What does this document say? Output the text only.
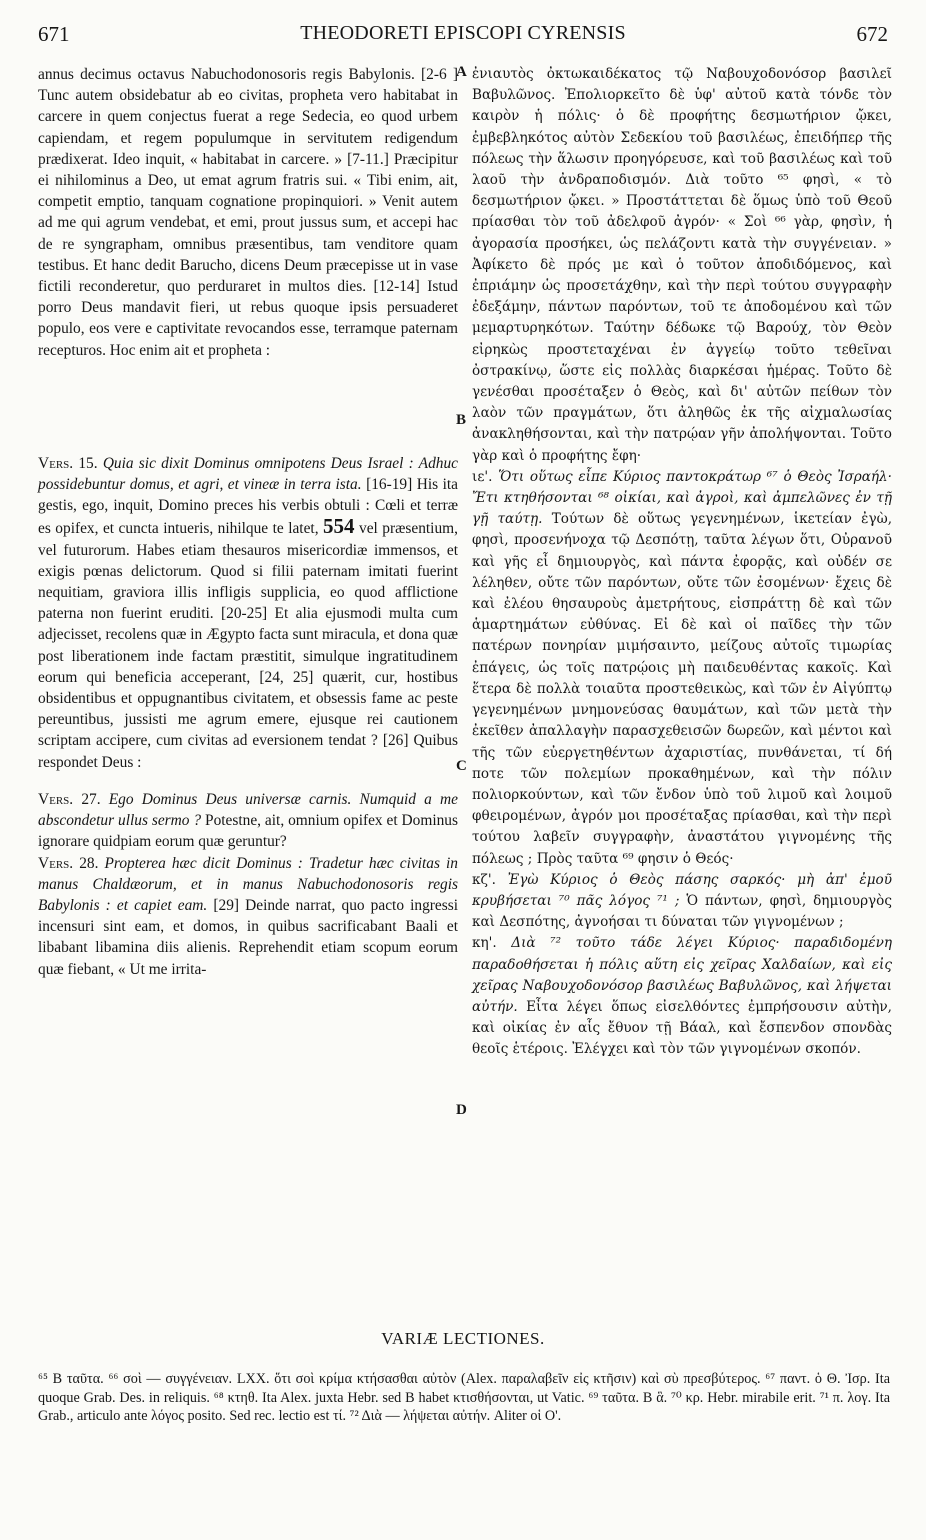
671	THEODORETI EPISCOPI CYRENSIS	672

annus decimus octavus Nabuchodonosoris regis Babylonis. [2-6 ] Tunc autem obsidebatur ab eo civitas, propheta vero habitabat in carcere in quem conjectus fuerat a rege Sedecia, eo quod urbem capiendam, et regem populumque in servitutem redigendum prædixerat. Ideo inquit, « habitabat in carcere. » [7-11.] Præcipitur ei nihilominus a Deo, ut emat agrum fratris sui. « Tibi enim, ait, competit emptio, tanquam cognatione propinquiori. » Venit autem ad me qui agrum vendebat, et emi, prout jussus sum, et accepi hac de re syngrapham, omnibus præsentibus, tam venditore quam testibus. Et hanc dedit Barucho, dicens Deum præcepisse ut in vase fictili reconderetur, quo perduraret in multos dies. [12-14] Istud porro Deus mandavit fieri, ut rebus quoque ipsis persuaderet populo, eos vere e captivitate revocandos esse, terramque paternam recepturos. Hoc enim ait et propheta :

Vers. 15. Quia sic dixit Dominus omnipotens Deus Israel : Adhuc possidebuntur domus, et agri, et vineæ in terra ista. [16-19] His ita gestis, ego, inquit, Domino preces his verbis obtuli : Cœli et terræ es opifex, et cuncta intueris, nihilque te latet, 554 vel præsentium, vel futurorum. Habes etiam thesauros misericordiæ immensos, et exigis pœnas delictorum. Quod si filii paternam imitati fuerint nequitiam, graviora illis infligis supplicia, eo quod afflictione paterna non fuerint eruditi. [20-25] Et alia ejusmodi multa cum adjecisset, recolens quæ in Ægypto facta sunt miracula, et dona quæ post liberationem inde factam præstitit, simulque ingratitudinem eorum qui beneficia acceperant, [24, 25] quærit, cur, hostibus obsidentibus et oppugnantibus civitatem, et obsessis fame ac peste pereuntibus, jussisti me agrum emere, ejusque rei cautionem scriptam accipere, cum civitas ad eversionem tendat ? [26] Quibus respondet Deus :

Vers. 27. Ego Dominus Deus universæ carnis. Numquid a me abscondetur ullus sermo ? Potestne, ait, omnium opifex et Dominus ignorare quidpiam eorum quæ geruntur?

Vers. 28. Propterea hæc dicit Dominus : Tradetur hæc civitas in manus Chaldæorum, et in manus Nabuchodonosoris regis Babylonis : et capiet eam. [29] Deinde narrat, quo pacto ingressi incensuri sint eam, et domos, in quibus sacrificabant Baali et libabant libamina diis alienis. Reprehendit etiam scopum eorum quæ fiebant, « Ut me irrita-

A
B
C
D

ἐνιαυτὸς ὀκτωκαιδέκατος τῷ Ναβουχοδονόσορ βασιλεῖ Βαβυλῶνος. Ἐπολιορκεῖτο δὲ ὑφ' αὐτοῦ κατὰ τόνδε τὸν καιρὸν ἡ πόλις· ὁ δὲ προφήτης δεσμωτήριον ᾤκει, ἐμβεβληκότος αὐτὸν Σεδεκίου τοῦ βασιλέως, ἐπειδήπερ τῆς πόλεως τὴν ἅλωσιν προηγόρευσε, καὶ τοῦ βασιλέως καὶ τοῦ λαοῦ τὴν ἀνδραποδισμόν. Διὰ τοῦτο ⁶⁵ φησὶ, « τὸ δεσμωτήριον ᾤκει. » Προστάττεται δὲ ὅμως ὑπὸ τοῦ Θεοῦ πρίασθαι τὸν τοῦ ἀδελφοῦ ἀγρόν· « Σοὶ ⁶⁶ γὰρ, φησὶν, ἡ ἀγορασία προσήκει, ὡς πελάζοντι κατὰ τὴν συγγένειαν. » Ἀφίκετο δὲ πρός με καὶ ὁ τοῦτον ἀποδιδόμενος, καὶ ἐπριάμην ὡς προσετάχθην, καὶ τὴν περὶ τούτου συγγραφὴν ἐδεξάμην, πάντων παρόντων, τοῦ τε ἀποδομένου καὶ τῶν μεμαρτυρηκότων. Ταύτην δέδωκε τῷ Βαρούχ, τὸν Θεὸν εἰρηκὼς προστεταχέναι ἐν ἀγγείῳ τοῦτο τεθεῖναι ὀστρακίνῳ, ὥστε εἰς πολλὰς διαρκέσαι ἡμέρας. Τοῦτο δὲ γενέσθαι προσέταξεν ὁ Θεὸς, καὶ δι' αὐτῶν πείθων τὸν λαὸν τῶν πραγμάτων, ὅτι ἀληθῶς ἐκ τῆς αἰχμαλωσίας ἀνακληθήσονται, καὶ τὴν πατρῴαν γῆν ἀπολήψονται. Τοῦτο γὰρ καὶ ὁ προφήτης ἔφη·

ιε'. Ὅτι οὕτως εἶπε Κύριος παντοκράτωρ ⁶⁷ ὁ Θεὸς Ἰσραήλ· Ἔτι κτηθήσονται ⁶⁸ οἰκίαι, καὶ ἀγροὶ, καὶ ἀμπελῶνες ἐν τῇ γῇ ταύτῃ. Τούτων δὲ οὕτως γεγενημένων, ἱκετείαν ἐγὼ, φησὶ, προσενήνοχα τῷ Δεσπότῃ, ταῦτα λέγων ὅτι, Οὐρανοῦ καὶ γῆς εἶ δημιουργὸς, καὶ πάντα ἐφορᾷς, καὶ οὐδέν σε λέληθεν, οὔτε τῶν παρόντων, οὔτε τῶν ἐσομένων· ἔχεις δὲ καὶ ἐλέου θησαυροὺς ἀμετρήτους, εἰσπράττῃ δὲ καὶ τῶν ἁμαρτημάτων εὐθύνας. Εἰ δὲ καὶ οἱ παῖδες τὴν τῶν πατέρων πονηρίαν μιμήσαιντο, μείζους αὐτοῖς τιμωρίας ἐπάγεις, ὡς τοῖς πατρῴοις μὴ παιδευθέντας κακοῖς. Καὶ ἕτερα δὲ πολλὰ τοιαῦτα προστεθεικὼς, καὶ τῶν ἐν Αἰγύπτῳ γεγενημένων μνημονεύσας θαυμάτων, καὶ τῶν μετὰ τὴν ἐκεῖθεν ἀπαλλαγὴν παρασχεθεισῶν δωρεῶν, καὶ μέντοι καὶ τῆς τῶν εὐεργετηθέντων ἀχαριστίας, πυνθάνεται, τί δή ποτε τῶν πολεμίων προκαθημένων, καὶ τὴν πόλιν πολιορκούντων, καὶ τῶν ἔνδον ὑπὸ τοῦ λιμοῦ καὶ λοιμοῦ φθειρομένων, ἀγρόν μοι προσέταξας πρίασθαι, καὶ τὴν περὶ τούτου λαβεῖν συγγραφὴν, ἀναστάτου γιγνομένης τῆς πόλεως ; Πρὸς ταῦτα ⁶⁹ φησιν ὁ Θεός·

κζ'. Ἐγὼ Κύριος ὁ Θεὸς πάσης σαρκός· μὴ ἀπ' ἐμοῦ κρυβήσεται ⁷⁰ πᾶς λόγος ⁷¹ ; Ὁ πάντων, φησὶ, δημιουργὸς καὶ Δεσπότης, ἀγνοήσαι τι δύναται τῶν γιγνομένων ;

κη'. Διὰ ⁷² τοῦτο τάδε λέγει Κύριος· παραδιδομένη παραδοθήσεται ἡ πόλις αὕτη εἰς χεῖρας Χαλδαίων, καὶ εἰς χεῖρας Ναβουχοδονόσορ βασιλέως Βαβυλῶνος, καὶ λήψεται αὐτήν. Εἶτα λέγει ὅπως εἰσελθόντες ἐμπρήσουσιν αὐτὴν, καὶ οἰκίας ἐν αἷς ἔθυον τῇ Βάαλ, καὶ ἔσπενδον σπονδὰς θεοῖς ἑτέροις. Ἐλέγχει καὶ τὸν τῶν γιγνομένων σκοπόν.

VARIÆ LECTIONES.

⁶⁵ B ταῦτα. ⁶⁶ σοὶ — συγγένειαν. LXX. ὅτι σοὶ κρίμα κτήσασθαι αὐτὸν (Alex. παραλαβεῖν εἰς κτῆσιν) καὶ σὺ πρεσβύτερος. ⁶⁷ παντ. ὁ Θ. Ἰσρ. Ita quoque Grab. Des. in reliquis. ⁶⁸ κτηθ. Ita Alex. juxta Hebr. sed B habet κτισθήσονται, ut Vatic. ⁶⁹ ταῦτα. B ἃ. ⁷⁰ κρ. Hebr. mirabile erit. ⁷¹ π. λογ. Ita Grab., articulo ante λόγος posito. Sed rec. lectio est τί. ⁷² Διὰ — λήψεται αὐτήν. Aliter οἱ Ο'.
